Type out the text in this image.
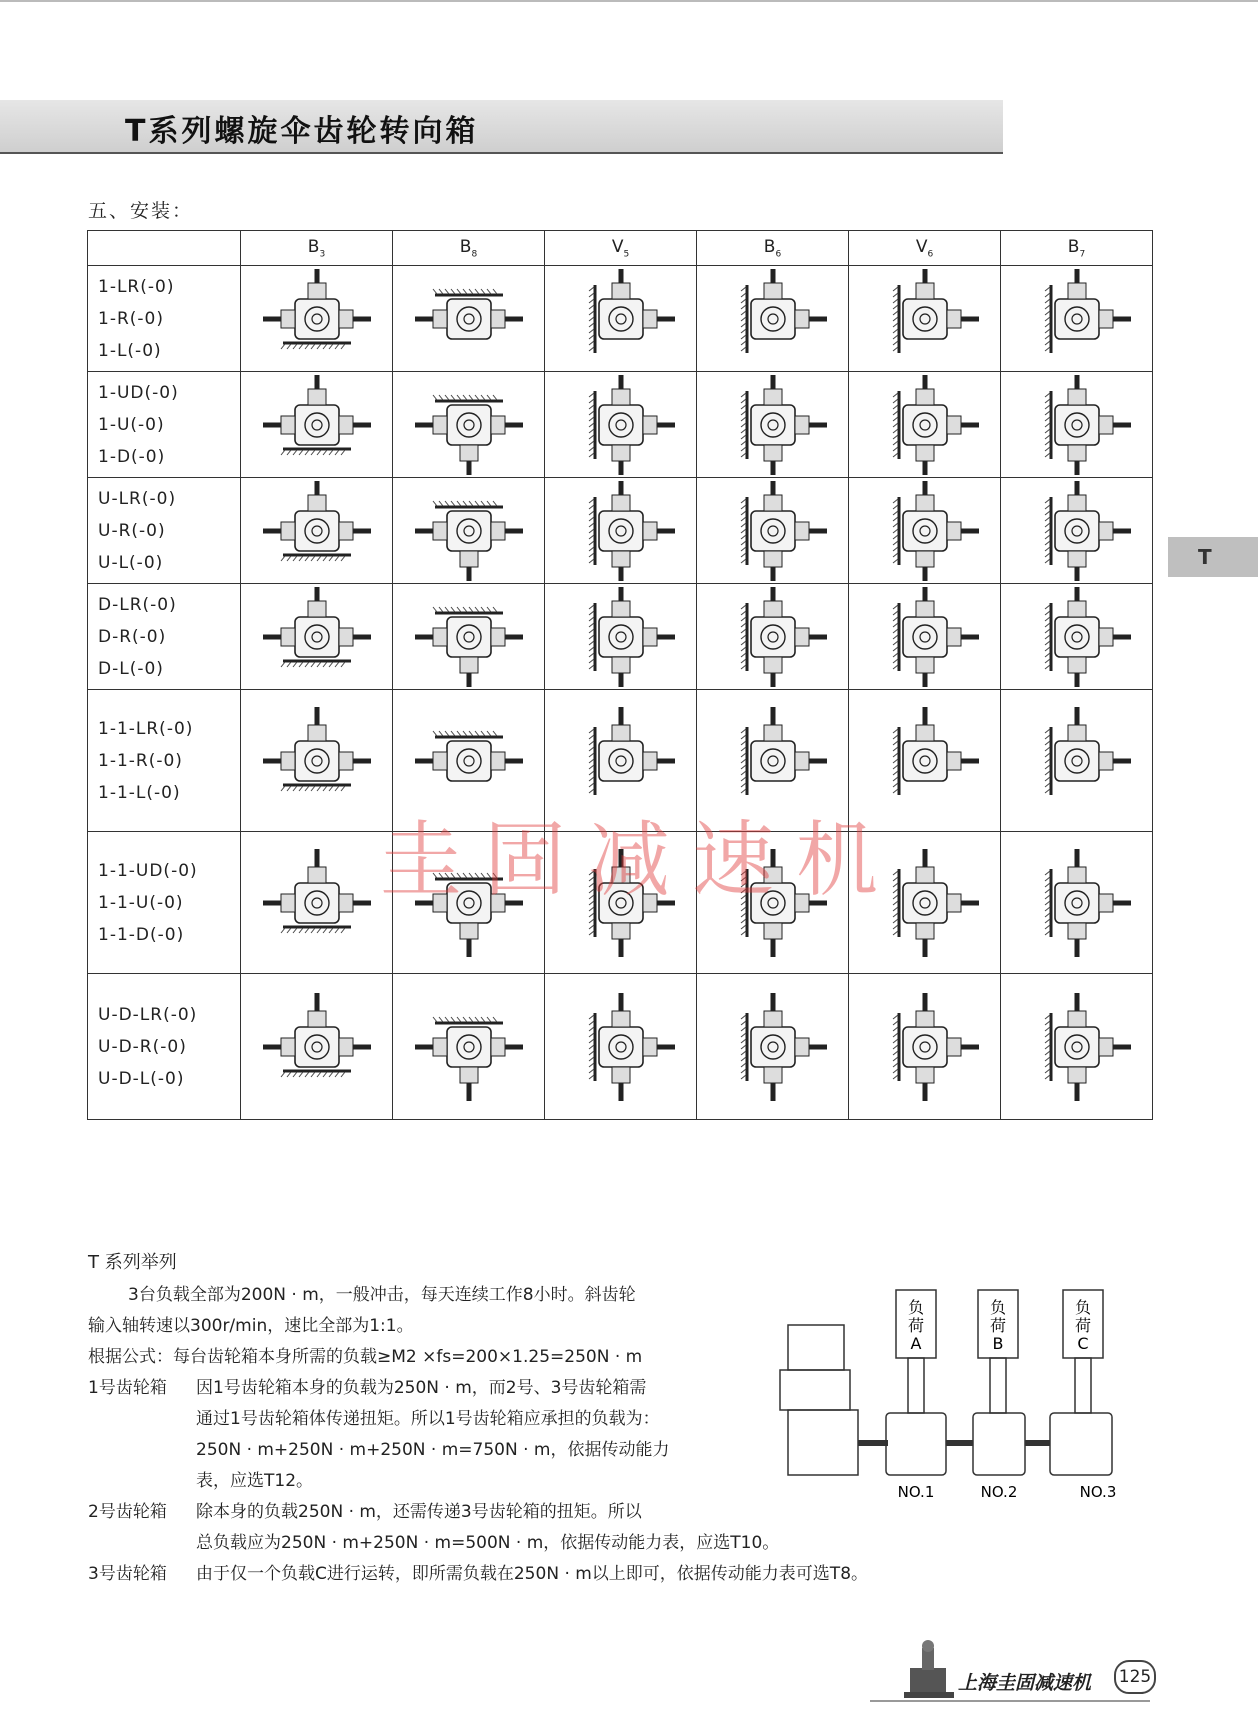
T系列螺旋伞齿轮转向箱
五、安装：
T
	$B_3$	$B_8$	$V_5$	$B_6$	$V_6$	$B_7$

1-LR(-0)
1-R(-0)
1-L(-0)

1-UD(-0)
1-U(-0)
1-D(-0)

U-LR(-0)
U-R(-0)
U-L(-0)

D-LR(-0)
D-R(-0)
D-L(-0)

1-1-LR(-0)
1-1-R(-0)
1-1-L(-0)

1-1-UD(-0)
1-1-U(-0)
1-1-D(-0)

U-D-LR(-0)
U-D-R(-0)
U-D-L(-0)

圭固减速机
T 系列举列
3台负载全部为200N · m，一般冲击，每天连续工作8小时。斜齿轮
输入轴转速以300r/min，速比全部为1:1。
根据公式：每台齿轮箱本身所需的负载≥M2 ×fs=200×1.25=250N · m
1号齿轮箱	因1号齿轮箱本身的负载为250N · m，而2号、3号齿轮箱需
通过1号齿轮箱体传递扭矩。所以1号齿轮箱应承担的负载为：
250N · m+250N · m+250N · m=750N · m，依据传动能力
表，应选T12。
2号齿轮箱	除本身的负载250N · m，还需传递3号齿轮箱的扭矩。所以
总负载应为250N · m+250N · m=500N · m，依据传动能力表，应选T10。
3号齿轮箱	由于仅一个负载C进行运转，即所需负载在250N · m以上即可，依据传动能力表可选T8。
负
荷
A
NO.1
负
荷
B
NO.2
负
荷
C
NO.3
上海圭固减速机 125
